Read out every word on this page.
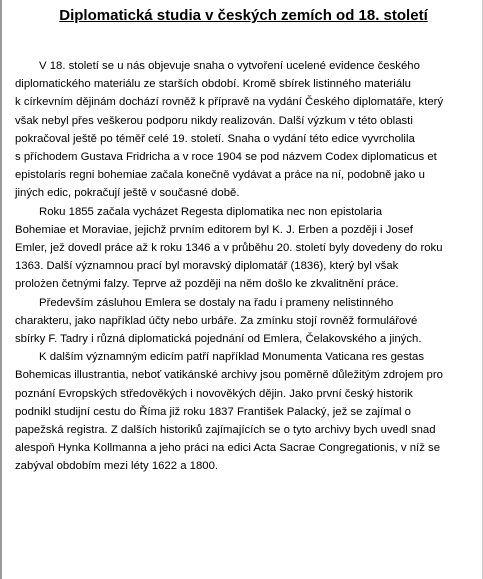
Diplomatická studia v českých zemích od 18. století

V 18. století se u nás objevuje snaha o vytvoření ucelené evidence českého
diplomatického materiálu ze starších období. Kromě sbírek listinného materiálu
k církevním dějinám dochází rovněž k přípravě na vydání Českého diplomatáře, který
však nebyl přes veškerou podporu nikdy realizován. Další výzkum v této oblasti
pokračoval ještě po téměř celé 19. století. Snaha o vydání této edice vyvrcholila
s příchodem Gustava Fridricha a v roce 1904 se pod názvem Codex diplomaticus et
epistolaris regni bohemiae začala konečně vydávat a práce na ní, podobně jako u
jiných edic, pokračují ještě v současné době.

Roku 1855 začala vycházet Regesta diplomatika nec non epistolaria
Bohemiae et Moraviae, jejichž prvním editorem byl K. J. Erben a později i Josef
Emler, jež dovedl práce až k roku 1346 a v průběhu 20. století byly dovedeny do roku
1363. Další významnou prací byl moravský diplomatář (1836), který byl však
prolożen četnými falzy. Teprve až později na něm došlo ke zkvalitnění práce.

Především zásluhou Emlera se dostaly na řadu i prameny nelistinného
charakteru, jako například účty nebo urbáře. Za zmínku stojí rovněž formulářové
sbírky F. Tadry i různá diplomatická pojednání od Emlera, Čelakovského a jiných.

K dalším významným edicím patří například Monumenta Vaticana res gestas
Bohemicas illustrantia, neboť vatikánské archivy jsou poměrně důležitým zdrojem pro
poznání Evropských středověkých i novověkých dějin. Jako první český historik
podnikl studijní cestu do Říma již roku 1837 František Palacký, jež se zajímal o
papežská registra. Z dalších historiků zajímajících se o tyto archivy bych uvedl snad
alespoň Hynka Kollmanna a jeho práci na edici Acta Sacrae Congregationis, v níž se
zabýval obdobím mezi léty 1622 a 1800.
